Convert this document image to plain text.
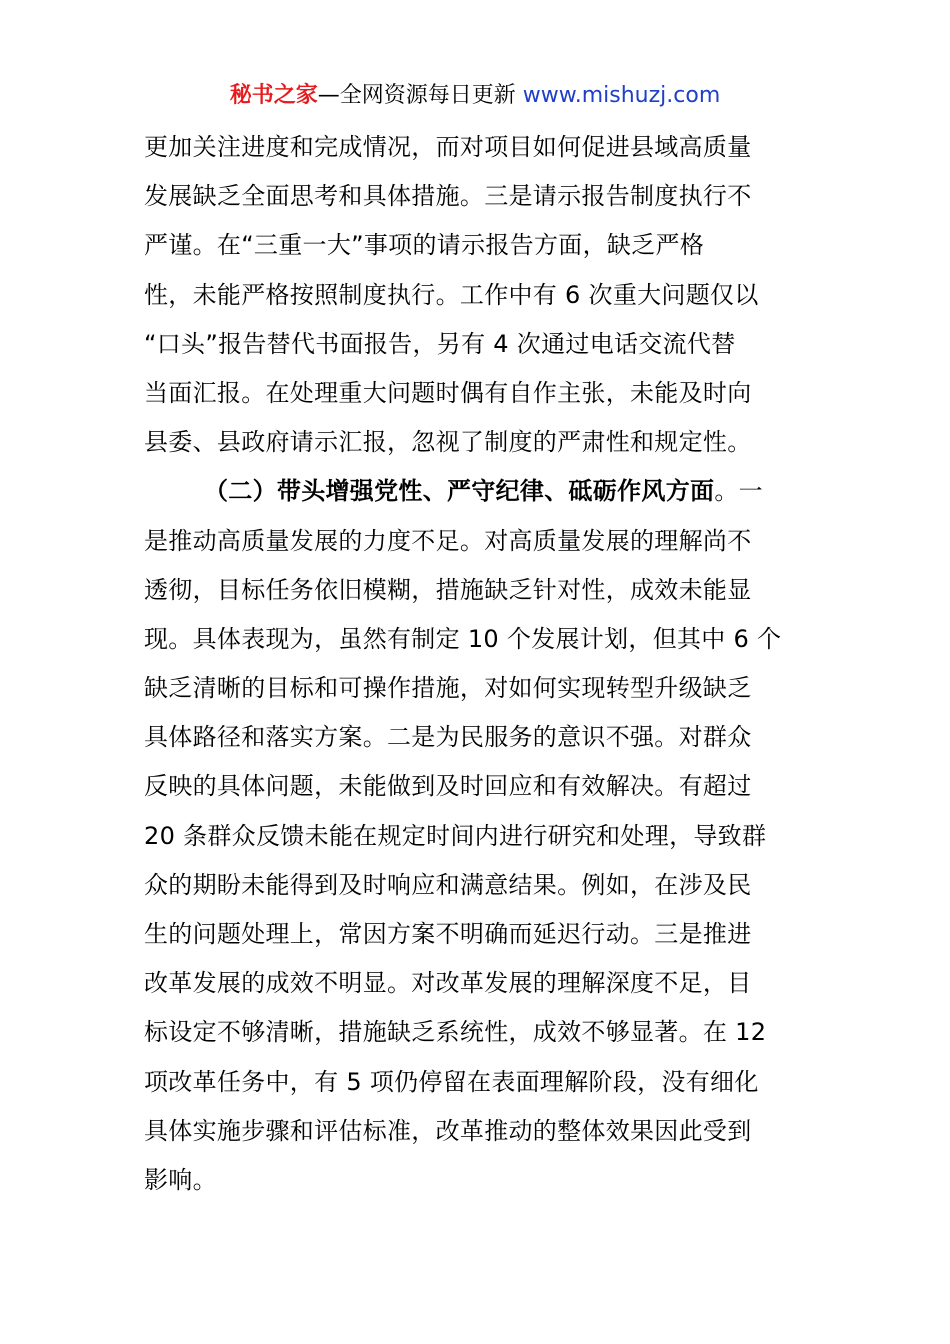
秘书之家—全网资源每日更新 www.mishuzj.com
更加关注进度和完成情况，而对项目如何促进县域高质量
发展缺乏全面思考和具体措施。三是请示报告制度执行不
严谨。在“三重一大”事项的请示报告方面，缺乏严格
性，未能严格按照制度执行。工作中有 6 次重大问题仅以
“口头”报告替代书面报告，另有 4 次通过电话交流代替
当面汇报。在处理重大问题时偶有自作主张，未能及时向
县委、县政府请示汇报，忽视了制度的严肃性和规定性。
（二）带头增强党性、严守纪律、砥砺作风方面。一
是推动高质量发展的力度不足。对高质量发展的理解尚不
透彻，目标任务依旧模糊，措施缺乏针对性，成效未能显
现。具体表现为，虽然有制定 10 个发展计划，但其中 6 个
缺乏清晰的目标和可操作措施，对如何实现转型升级缺乏
具体路径和落实方案。二是为民服务的意识不强。对群众
反映的具体问题，未能做到及时回应和有效解决。有超过
20 条群众反馈未能在规定时间内进行研究和处理，导致群
众的期盼未能得到及时响应和满意结果。例如，在涉及民
生的问题处理上，常因方案不明确而延迟行动。三是推进
改革发展的成效不明显。对改革发展的理解深度不足，目
标设定不够清晰，措施缺乏系统性，成效不够显著。在 12
项改革任务中，有 5 项仍停留在表面理解阶段，没有细化
具体实施步骤和评估标准，改革推动的整体效果因此受到
影响。
